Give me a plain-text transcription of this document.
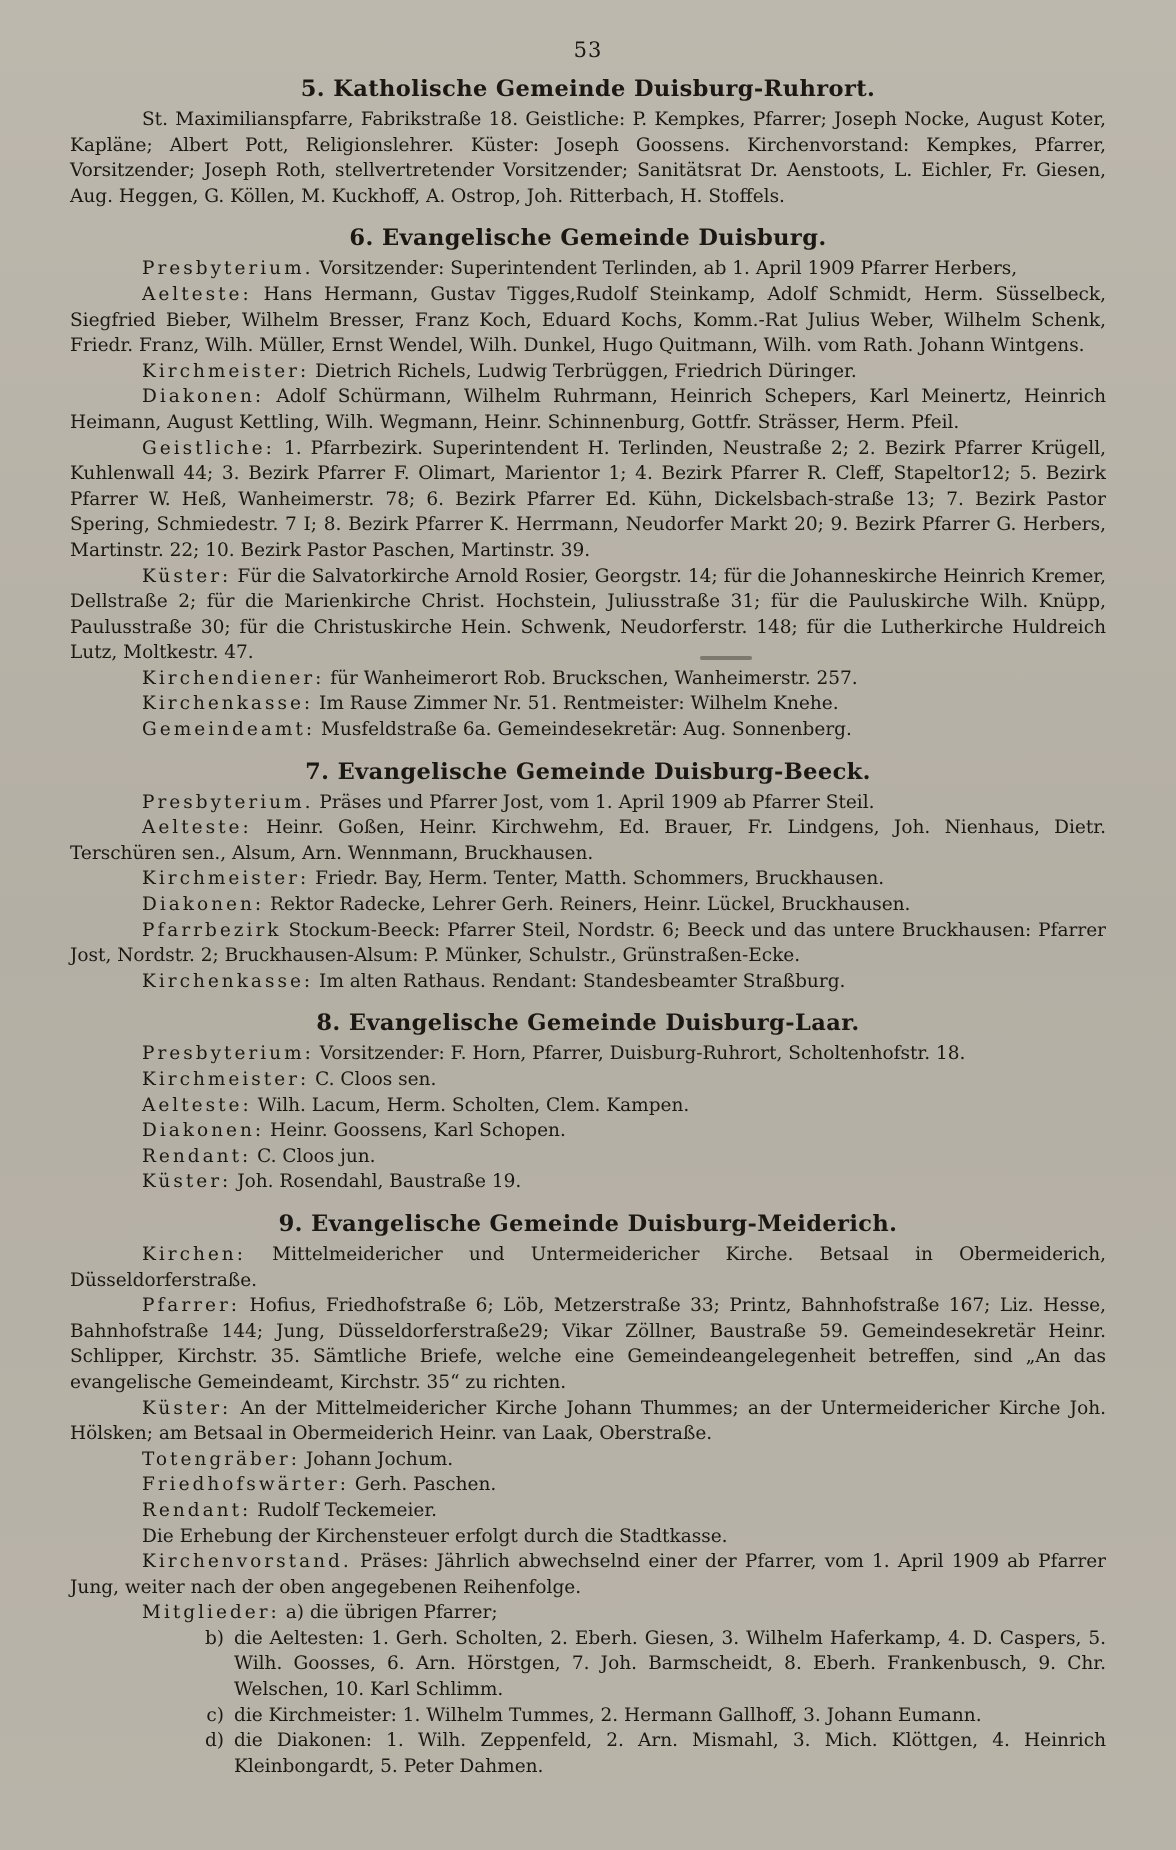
53
5. Katholische Gemeinde Duisburg-Ruhrort.

St. Maximilianspfarre, Fabrikstraße 18. Geistliche: P. Kempkes, Pfarrer; Joseph Nocke, August Koter, Kapläne; Albert Pott, Religionslehrer. Küster: Joseph Goossens. Kirchenvorstand: Kempkes, Pfarrer, Vorsitzender; Joseph Roth, stellvertretender Vorsitzender; Sanitätsrat Dr. Aenstoots, L. Eichler, Fr. Giesen, Aug. Heggen, G. Köllen, M. Kuckhoff, A. Ostrop, Joh. Ritterbach, H. Stoffels.

6. Evangelische Gemeinde Duisburg.

Presbyterium. Vorsitzender: Superintendent Terlinden, ab 1. April 1909 Pfarrer Herbers,

Aelteste: Hans Hermann, Gustav Tigges,Rudolf Steinkamp, Adolf Schmidt, Herm. Süsselbeck, Siegfried Bieber, Wilhelm Bresser, Franz Koch, Eduard Kochs, Komm.-Rat Julius Weber, Wilhelm Schenk, Friedr. Franz, Wilh. Müller, Ernst Wendel, Wilh. Dunkel, Hugo Quitmann, Wilh. vom Rath. Johann Wintgens.

Kirchmeister: Dietrich Richels, Ludwig Terbrüggen, Friedrich Düringer.

Diakonen: Adolf Schürmann, Wilhelm Ruhrmann, Heinrich Schepers, Karl Meinertz, Heinrich Heimann, August Kettling, Wilh. Wegmann, Heinr. Schinnenburg, Gottfr. Strässer, Herm. Pfeil.

Geistliche: 1. Pfarrbezirk. Superintendent H. Terlinden, Neustraße 2; 2. Bezirk Pfarrer Krügell, Kuhlenwall 44; 3. Bezirk Pfarrer F. Olimart, Marientor 1; 4. Bezirk Pfarrer R. Cleff, Stapeltor12; 5. Bezirk Pfarrer W. Heß, Wanheimerstr. 78; 6. Bezirk Pfarrer Ed. Kühn, Dickelsbach-straße 13; 7. Bezirk Pastor Spering, Schmiedestr. 7 I; 8. Bezirk Pfarrer K. Herrmann, Neudorfer Markt 20; 9. Bezirk Pfarrer G. Herbers, Martinstr. 22; 10. Bezirk Pastor Paschen, Martinstr. 39.

Küster: Für die Salvatorkirche Arnold Rosier, Georgstr. 14; für die Johanneskirche Heinrich Kremer, Dellstraße 2; für die Marienkirche Christ. Hochstein, Juliusstraße 31; für die Pauluskirche Wilh. Knüpp, Paulusstraße 30; für die Christuskirche Hein. Schwenk, Neudorferstr. 148; für die Lutherkirche Huldreich Lutz, Moltkestr. 47.

Kirchendiener: für Wanheimerort Rob. Bruckschen, Wanheimerstr. 257.

Kirchenkasse: Im Rause Zimmer Nr. 51. Rentmeister: Wilhelm Knehe.

Gemeindeamt: Musfeldstraße 6a. Gemeindesekretär: Aug. Sonnenberg.

7. Evangelische Gemeinde Duisburg-Beeck.

Presbyterium. Präses und Pfarrer Jost, vom 1. April 1909 ab Pfarrer Steil.

Aelteste: Heinr. Goßen, Heinr. Kirchwehm, Ed. Brauer, Fr. Lindgens, Joh. Nienhaus, Dietr. Terschüren sen., Alsum, Arn. Wennmann, Bruckhausen.

Kirchmeister: Friedr. Bay, Herm. Tenter, Matth. Schommers, Bruckhausen.

Diakonen: Rektor Radecke, Lehrer Gerh. Reiners, Heinr. Lückel, Bruckhausen.

Pfarrbezirk Stockum-Beeck: Pfarrer Steil, Nordstr. 6; Beeck und das untere Bruckhausen: Pfarrer Jost, Nordstr. 2; Bruckhausen-Alsum: P. Münker, Schulstr., Grünstraßen-Ecke.

Kirchenkasse: Im alten Rathaus. Rendant: Standesbeamter Straßburg.

8. Evangelische Gemeinde Duisburg-Laar.

Presbyterium: Vorsitzender: F. Horn, Pfarrer, Duisburg-Ruhrort, Scholtenhofstr. 18.

Kirchmeister: C. Cloos sen.

Aelteste: Wilh. Lacum, Herm. Scholten, Clem. Kampen.

Diakonen: Heinr. Goossens, Karl Schopen.

Rendant: C. Cloos jun.

Küster: Joh. Rosendahl, Baustraße 19.

9. Evangelische Gemeinde Duisburg-Meiderich.

Kirchen: Mittelmeidericher und Untermeidericher Kirche. Betsaal in Obermeiderich, Düsseldorferstraße.

Pfarrer: Hofius, Friedhofstraße 6; Löb, Metzerstraße 33; Printz, Bahnhofstraße 167; Liz. Hesse, Bahnhofstraße 144; Jung, Düsseldorferstraße29; Vikar Zöllner, Baustraße 59. Gemeindesekretär Heinr. Schlipper, Kirchstr. 35. Sämtliche Briefe, welche eine Gemeindeangelegenheit betreffen, sind „An das evangelische Gemeindeamt, Kirchstr. 35“ zu richten.

Küster: An der Mittelmeidericher Kirche Johann Thummes; an der Untermeidericher Kirche Joh. Hölsken; am Betsaal in Obermeiderich Heinr. van Laak, Oberstraße.

Totengräber: Johann Jochum.

Friedhofswärter: Gerh. Paschen.

Rendant: Rudolf Teckemeier.

Die Erhebung der Kirchensteuer erfolgt durch die Stadtkasse.

Kirchenvorstand. Präses: Jährlich abwechselnd einer der Pfarrer, vom 1. April 1909 ab Pfarrer Jung, weiter nach der oben angegebenen Reihenfolge.

Mitglieder: a) die übrigen Pfarrer;

b) die Aeltesten: 1. Gerh. Scholten, 2. Eberh. Giesen, 3. Wilhelm Haferkamp, 4. D. Caspers, 5. Wilh. Goosses, 6. Arn. Hörstgen, 7. Joh. Barmscheidt, 8. Eberh. Frankenbusch, 9. Chr. Welschen, 10. Karl Schlimm.
c) die Kirchmeister: 1. Wilhelm Tummes, 2. Hermann Gallhoff, 3. Johann Eumann.
d) die Diakonen: 1. Wilh. Zeppenfeld, 2. Arn. Mismahl, 3. Mich. Klöttgen, 4. Heinrich Kleinbongardt, 5. Peter Dahmen.
